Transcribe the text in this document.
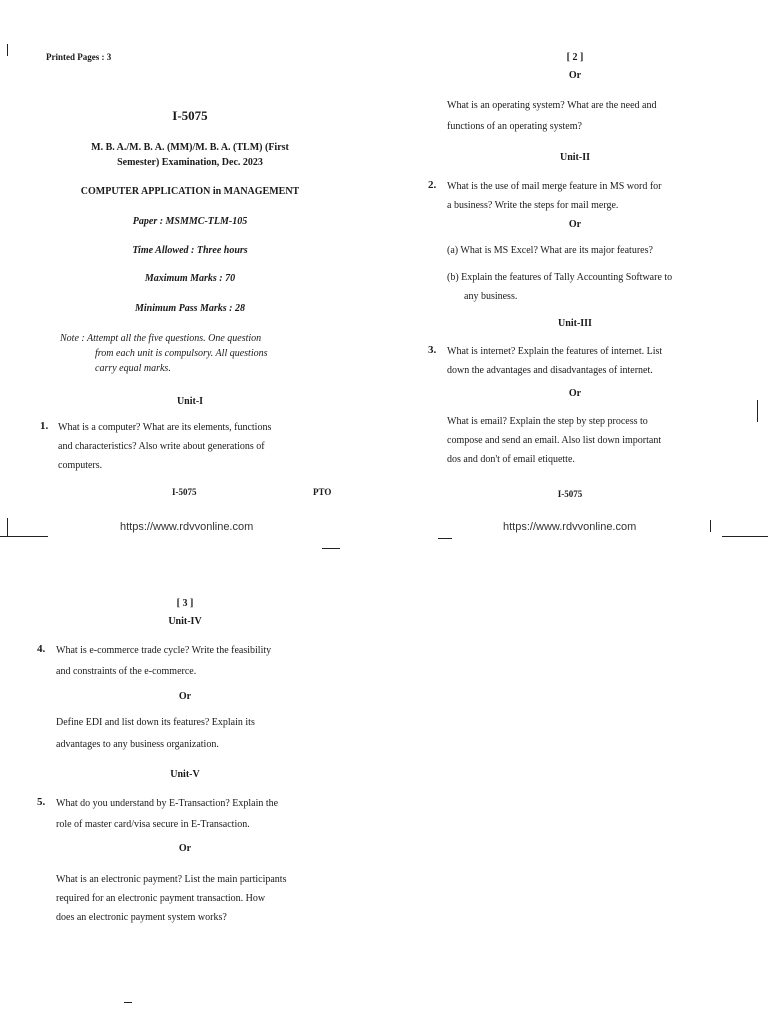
Printed Pages : 3
I-5075
M. B. A./M. B. A. (MM)/M. B. A. (TLM) (First
Semester) Examination, Dec. 2023
COMPUTER APPLICATION in MANAGEMENT
Paper : MSMMC-TLM-105
Time Allowed : Three hours
Maximum Marks : 70
Minimum Pass Marks : 28
Note : Attempt all the five questions. One question
from each unit is compulsory. All questions
carry equal marks.
Unit-I
1. What is a computer? What are its elements, functions
and characteristics? Also write about generations of
computers.
I-5075	PTO
https://www.rdvvonline.com
[ 2 ]
Or
What is an operating system? What are the need and
functions of an operating system?
Unit-II
2. What is the use of mail merge feature in MS word for
a business? Write the steps for mail merge.
Or
(a) What is MS Excel? What are its major features?
(b) Explain the features of Tally Accounting Software to
any business.
Unit-III
3. What is internet? Explain the features of internet. List
down the advantages and disadvantages of internet.
Or
What is email? Explain the step by step process to
compose and send an email. Also list down important
dos and don't of email etiquette.
I-5075
https://www.rdvvonline.com
[ 3 ]
Unit-IV
4. What is e-commerce trade cycle? Write the feasibility
and constraints of the e-commerce.
Or
Define EDI and list down its features? Explain its
advantages to any business organization.
Unit-V
5. What do you understand by E-Transaction? Explain the
role of master card/visa secure in E-Transaction.
Or
What is an electronic payment? List the main participants
required for an electronic payment transaction. How
does an electronic payment system works?
